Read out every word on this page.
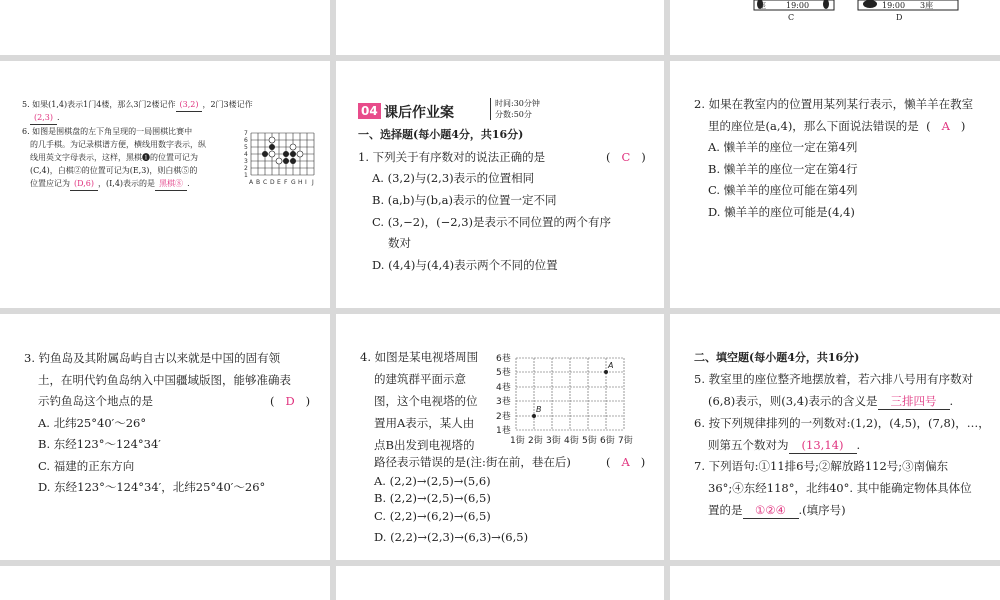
座	19:00
C
19:00 3座
D
5. 如果(1,4)表示1门4楼，那么3门2楼记作 (3,2) ，2门3楼记作
(2,3) .
6. 如图是围棋盘的左下角呈现的一局围棋比赛中
的几手棋。为记录棋谱方便，横线用数字表示，纵
线用英文字母表示，这样，黑棋❶的位置可记为
(C,4)，白棋②的位置可记为(E,3)，则白棋⑤的
位置应记为 (D,6) ，(I,4)表示的是 黑棋⑧ .
7
6
5
4
3
2
1
A B C D E F G H I J
04 课后作业案
时间:30分钟
分数:50分
一、选择题(每小题4分，共16分)
1. 下列关于有序数对的说法正确的是	(   C   )
A. (3,2)与(2,3)表示的位置相同
B. (a,b)与(b,a)表示的位置一定不同
C. (3,−2)，(−2,3)是表示不同位置的两个有序
数对
D. (4,4)与(4,4)表示两个不同的位置
2. 如果在教室内的位置用某列某行表示，懒羊羊在教室
里的座位是(a,4)，那么下面说法错误的是  (   A   )
A. 懒羊羊的座位一定在第4列
B. 懒羊羊的座位一定在第4行
C. 懒羊羊的座位可能在第4列
D. 懒羊羊的座位可能是(4,4)
3. 钓鱼岛及其附属岛屿自古以来就是中国的固有领
土，在明代钓鱼岛纳入中国疆域版图，能够准确表
示钓鱼岛这个地点的是	(   D   )
A. 北纬25°40′～26°
B. 东经123°～124°34′
C. 福建的正东方向
D. 东经123°～124°34′，北纬25°40′～26°
4. 如图是某电视塔周围
的建筑群平面示意
图，这个电视塔的位
置用A表示，某人由
点B出发到电视塔的
路径表示错误的是(注:街在前，巷在后)	(   A   )
A. (2,2)→(2,5)→(5,6)
B. (2,2)→(2,5)→(6,5)
C. (2,2)→(6,2)→(6,5)
D. (2,2)→(2,3)→(6,3)→(6,5)
6巷
5巷
4巷
3巷
2巷
1巷
1街 2街 3街 4街 5街 6街 7街
A
B
二、填空题(每小题4分，共16分)
5. 教室里的座位整齐地摆放着，若六排八号用有序数对
(6,8)表示，则(3,4)表示的含义是 三排四号 .
6. 按下列规律排列的一列数对:(1,2)，(4,5)，(7,8)，…，
则第五个数对为 (13,14) .
7. 下列语句:①11排6号;②解放路112号;③南偏东
36°;④东经118°，北纬40°. 其中能确定物体具体位
置的是 ①②④ .(填序号)
